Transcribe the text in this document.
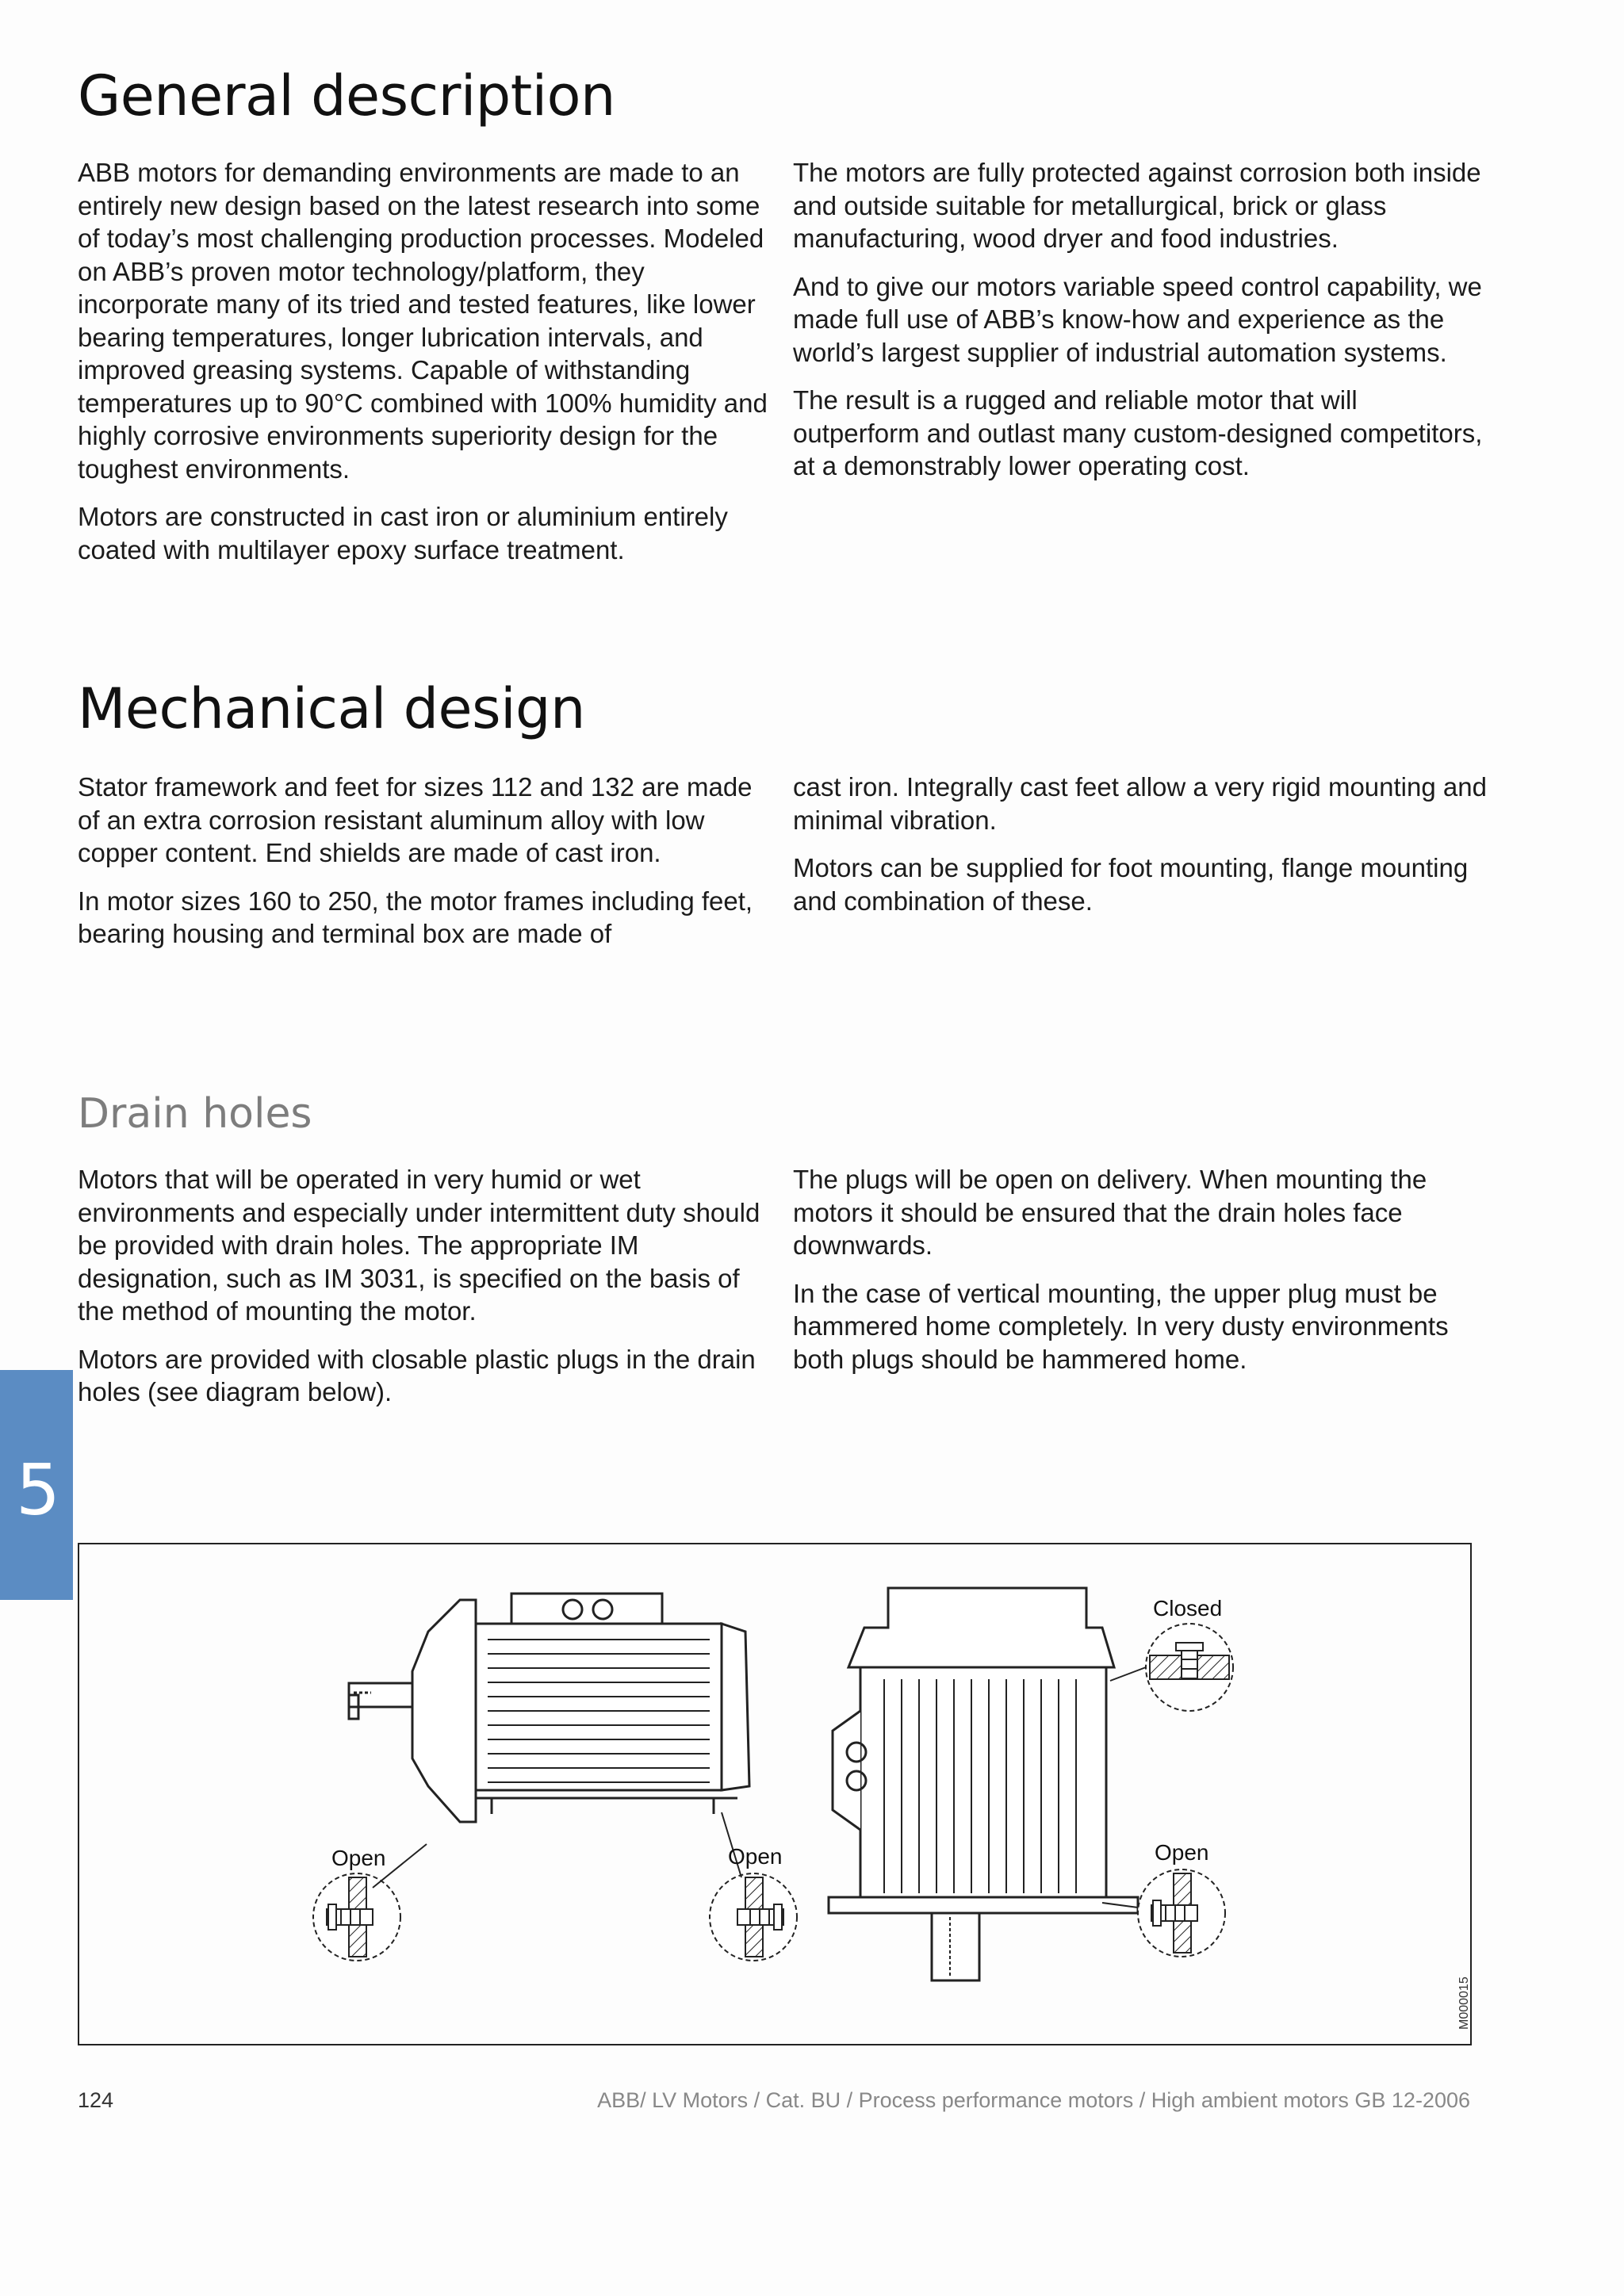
General description

ABB motors for demanding environments are made to an entirely new design based on the latest research into some of today’s most challenging production processes. Modeled on ABB’s proven motor technology/platform, they incorporate many of its tried and tested features, like lower bearing temperatures, longer lubrication intervals, and improved greasing systems. Capable of withstanding temperatures up to 90°C combined with 100% humidity and highly corrosive environments superiority design for the toughest environments.

Motors are constructed in cast iron or aluminium entirely coated with multilayer epoxy surface treatment.

The motors are fully protected against corrosion both inside and outside suitable for metallurgical, brick or glass manufacturing, wood dryer and food industries.

And to give our motors variable speed control capability, we made full use of ABB’s know-how and experience as the world’s largest supplier of industrial automation systems.

The result is a rugged and reliable motor that will outperform and outlast many custom-designed competitors, at a demonstrably lower operating cost.

Mechanical design

Stator framework and feet for sizes 112 and 132 are made of an extra corrosion resistant aluminum alloy with low copper content. End shields are made of cast iron.

In motor sizes 160 to 250, the motor frames including feet, bearing housing and terminal box are made of

cast iron. Integrally cast feet allow a very rigid mounting and minimal vibration.

Motors can be supplied for foot mounting, flange mounting and combination of these.

Drain holes

Motors that will be operated in very humid or wet environments and especially under intermittent duty should be provided with drain holes. The appropriate IM designation, such as IM 3031, is specified on the basis of the method of mounting the motor.

Motors are provided with closable plastic plugs in the drain holes (see diagram below).

The plugs will be open on delivery. When mounting the motors it should be ensured that the drain holes face downwards.

In the case of vertical mounting, the upper plug must be hammered home completely. In very dusty environments both plugs should be hammered home.

5
Open	Open
Closed
Open
M000015
124	ABB/ LV Motors / Cat. BU / Process performance motors / High ambient motors GB 12-2006
